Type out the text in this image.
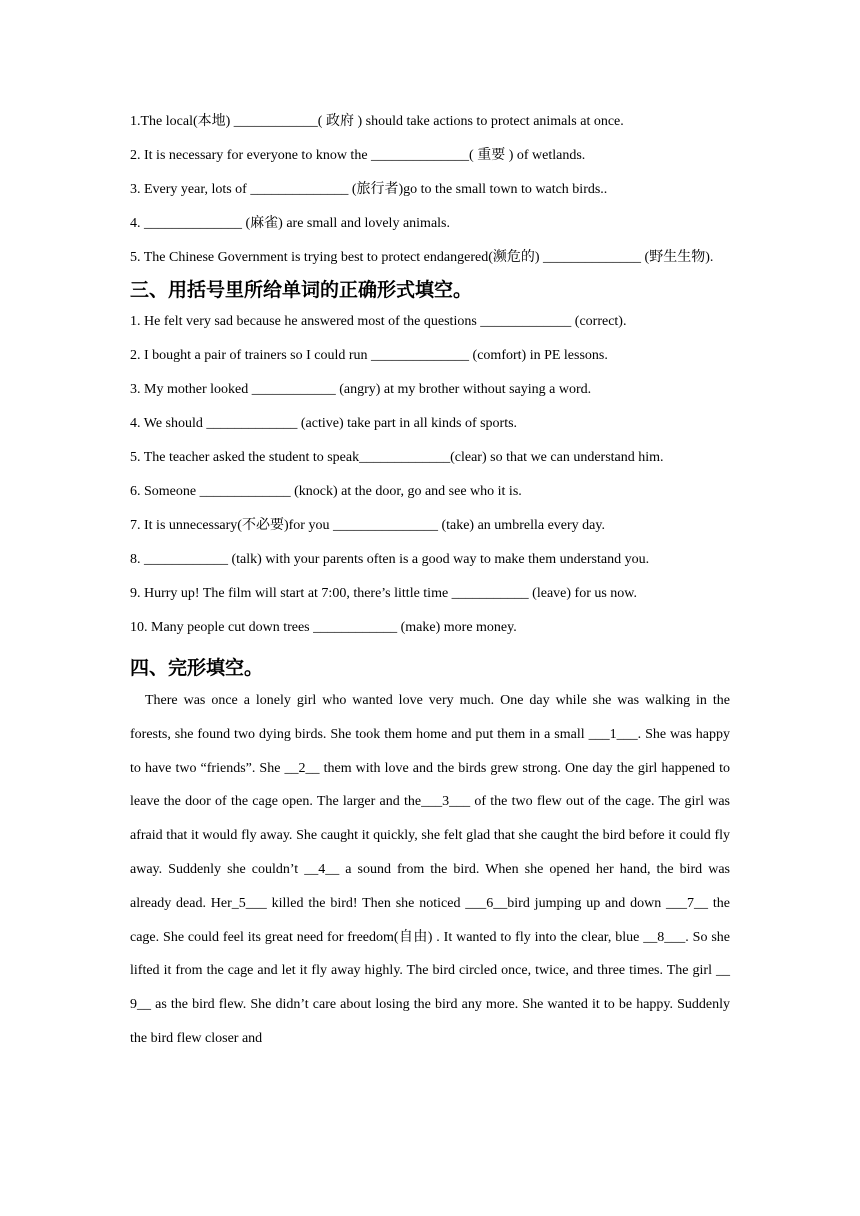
1.The local(本地) ____________( 政府 ) should take actions to protect animals at once.
2. It is necessary for everyone to know the ______________( 重要 ) of wetlands.
3. Every year, lots of ______________ (旅行者)go to the small town to watch birds..
4. ______________ (麻雀) are small and lovely animals.
5. The Chinese Government is trying best to protect endangered(濒危的) ______________ (野生生物).
三、用括号里所给单词的正确形式填空。
1. He felt very sad because he answered most of the questions _____________ (correct).
2. I bought a pair of trainers so I could run ______________ (comfort) in PE lessons.
3. My mother looked ____________ (angry) at my brother without saying a word.
4. We should _____________ (active) take part in all kinds of sports.
5. The teacher asked the student to speak_____________(clear) so that we can understand him.
6. Someone _____________ (knock) at the door, go and see who it is.
7. It is unnecessary(不必要)for you _______________ (take) an umbrella every day.
8. ____________ (talk) with your parents often is a good way to make them understand you.
9. Hurry up! The film will start at 7:00, there’s little time ___________ (leave) for us now.
10. Many people cut down trees ____________ (make) more money.
四、完形填空。
There was once a lonely girl who wanted love very much. One day while she was walking in the forests, she found two dying birds. She took them home and put them in a small ___1___. She was happy to have two “friends”. She __2__ them with love and the birds grew strong. One day the girl happened to leave the door of the cage open. The larger and the___3___ of the two flew out of the cage. The girl was afraid that it would fly away. She caught it quickly, she felt glad that she caught the bird before it could fly away. Suddenly she couldn’t __4__ a sound from the bird. When she opened her hand, the bird was already dead. Her_5___ killed the bird! Then she noticed ___6__bird jumping up and down ___7__ the cage. She could feel its great need for freedom(自由) . It wanted to fly into the clear, blue __8___. So she lifted it from the cage and let it fly away highly. The bird circled once, twice, and three times. The girl __ 9__ as the bird flew. She didn’t care about losing the bird any more. She wanted it to be happy. Suddenly the bird flew closer and
